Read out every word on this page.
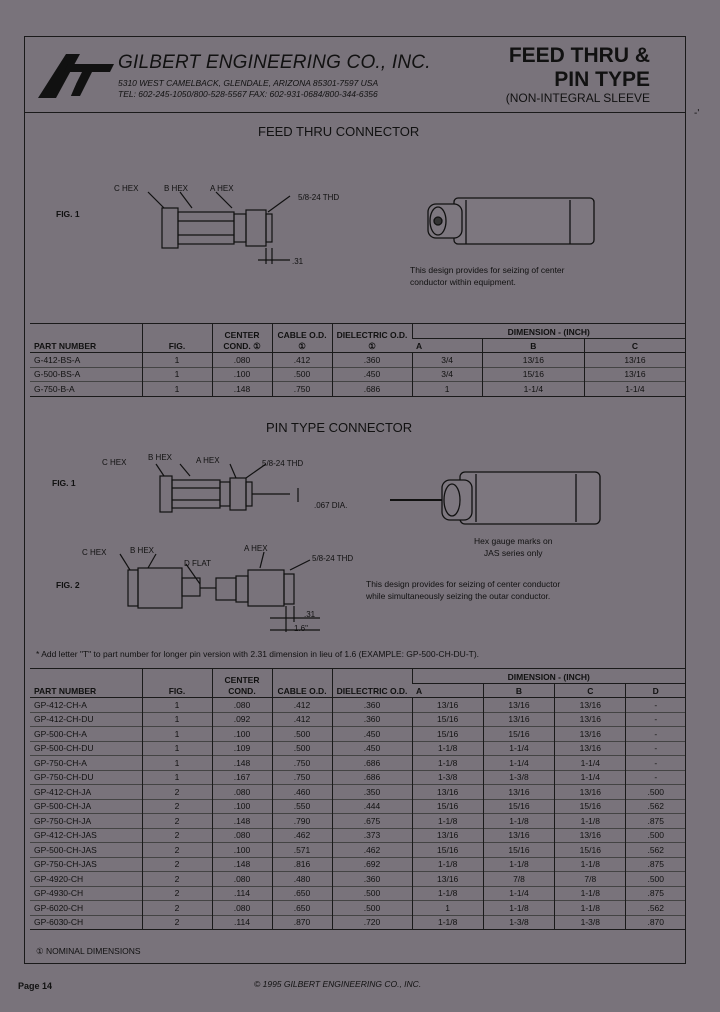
GILBERT ENGINEERING CO., INC.
5310 WEST CAMELBACK, GLENDALE, ARIZONA 85301-7597 USA
TEL: 602-245-1050/800-528-5567 FAX: 602-931-0684/800-344-6356
FEED THRU &
PIN TYPE
(NON-INTEGRAL SLEEVE
-'
FEED THRU CONNECTOR
FIG. 1
C HEX	B HEX	A HEX
5/8-24 THD
.31
This design provides for seizing of center
conductor within equipment.
PART NUMBER	FIG.	CENTER COND. ①	CABLE O.D. ①	DIELECTRIC O.D. ①	DIMENSION - (INCH)		
					A	B	C
G-412-BS-A	1	.080	.412	.360	3/4	13/16	13/16
G-500-BS-A	1	.100	.500	.450	3/4	15/16	13/16
G-750-B-A	1	.148	.750	.686	1	1-1/4	1-1/4
PIN TYPE CONNECTOR
FIG. 1
C HEX
B HEX	A HEX	5/8-24 THD
.067 DIA.
Hex gauge marks on
JAS series only
FIG. 2
C HEX	B HEX
D FLAT
A HEX
5/8-24 THD
.31
1.6"
This design provides for seizing of center conductor
while simultaneously seizing the outar conductor.
* Add letter "T" to part number for longer pin version with 2.31 dimension in lieu of 1.6 (EXAMPLE: GP-500-CH-DU-T).
PART NUMBER	FIG.	CENTER COND.	CABLE O.D.	DIELECTRIC O.D.	DIMENSION - (INCH)			
					A	B	C	D
GP-412-CH-A	1	.080	.412	.360	13/16	13/16	13/16	-
GP-412-CH-DU	1	.092	.412	.360	15/16	13/16	13/16	-
GP-500-CH-A	1	.100	.500	.450	15/16	15/16	13/16	-
GP-500-CH-DU	1	.109	.500	.450	1-1/8	1-1/4	13/16	-
GP-750-CH-A	1	.148	.750	.686	1-1/8	1-1/4	1-1/4	-
GP-750-CH-DU	1	.167	.750	.686	1-3/8	1-3/8	1-1/4	-
GP-412-CH-JA	2	.080	.460	.350	13/16	13/16	13/16	.500
GP-500-CH-JA	2	.100	.550	.444	15/16	15/16	15/16	.562
GP-750-CH-JA	2	.148	.790	.675	1-1/8	1-1/8	1-1/8	.875
GP-412-CH-JAS	2	.080	.462	.373	13/16	13/16	13/16	.500
GP-500-CH-JAS	2	.100	.571	.462	15/16	15/16	15/16	.562
GP-750-CH-JAS	2	.148	.816	.692	1-1/8	1-1/8	1-1/8	.875
GP-4920-CH	2	.080	.480	.360	13/16	7/8	7/8	.500
GP-4930-CH	2	.114	.650	.500	1-1/8	1-1/4	1-1/8	.875
GP-6020-CH	2	.080	.650	.500	1	1-1/8	1-1/8	.562
GP-6030-CH	2	.114	.870	.720	1-1/8	1-3/8	1-3/8	.870
① NOMINAL DIMENSIONS
Page 14	© 1995 GILBERT ENGINEERING CO., INC.
